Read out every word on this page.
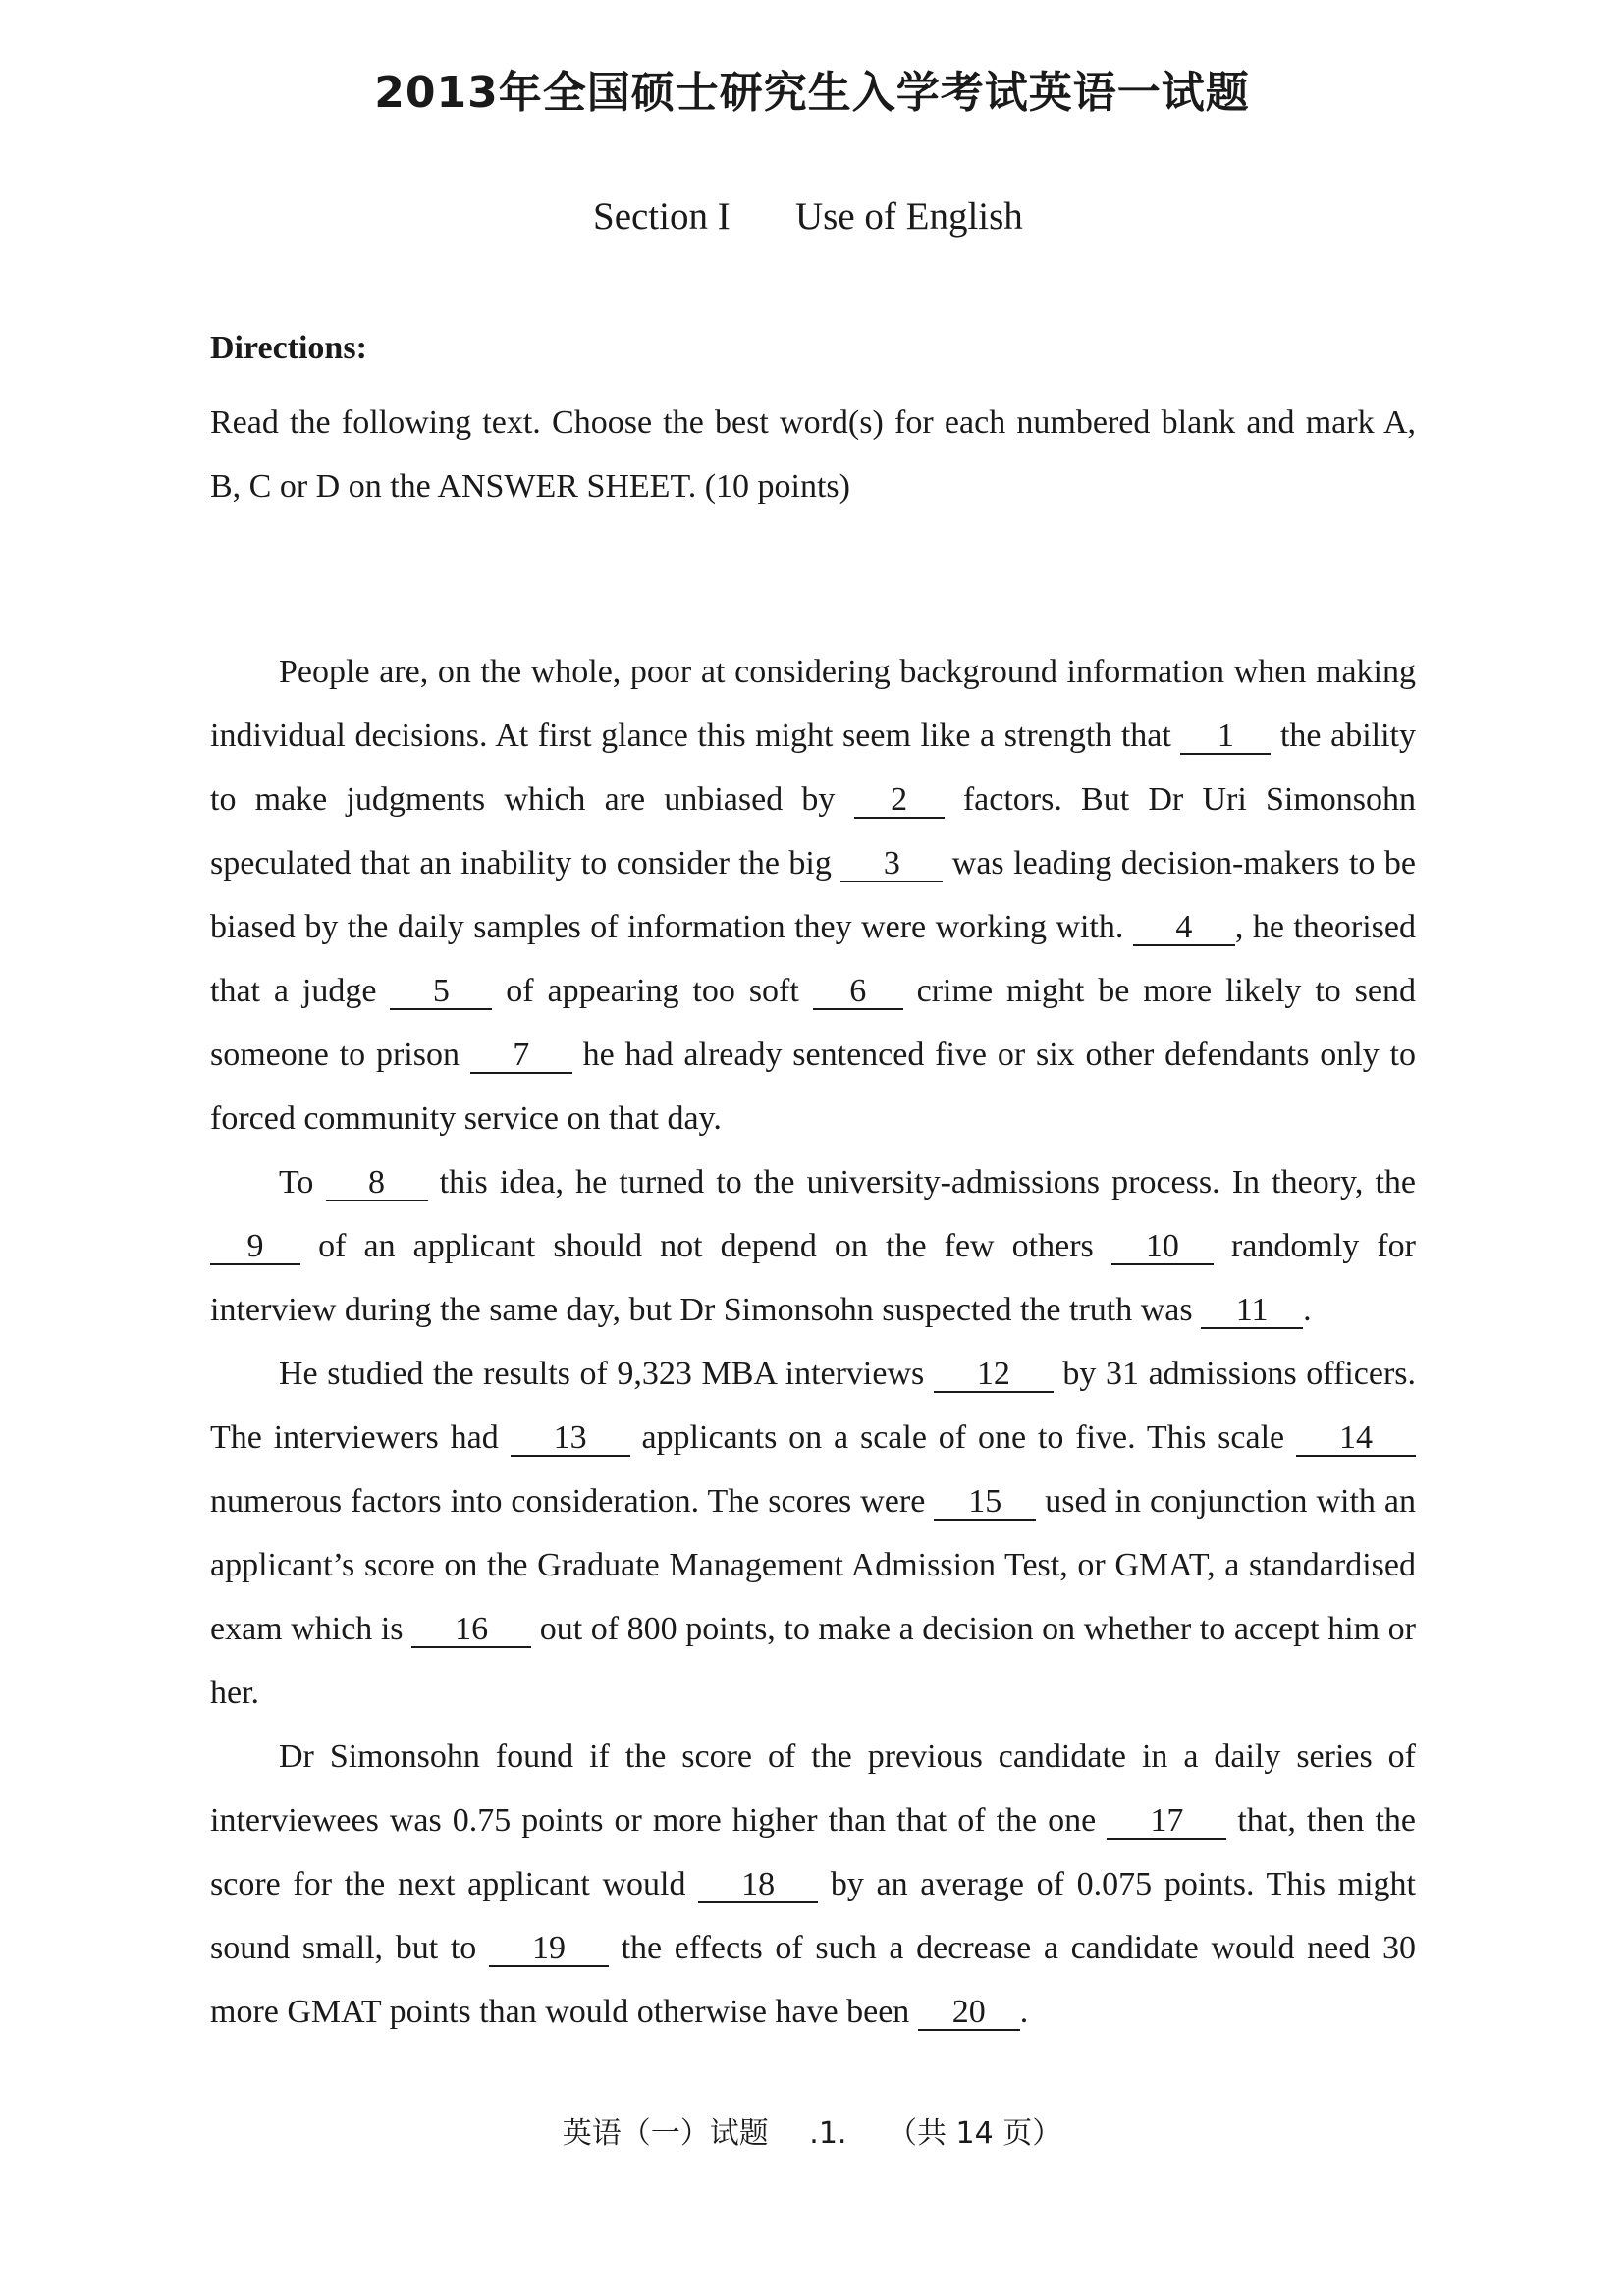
2013年全国硕士研究生入学考试英语一试题
Section I Use of English
Directions:
Read the following text. Choose the best word(s) for each numbered blank and mark A, B, C or D on the ANSWER SHEET. (10 points)

People are, on the whole, poor at considering background information when making individual decisions. At first glance this might seem like a strength that 1 the ability to make judgments which are unbiased by 2 factors. But Dr Uri Simonsohn speculated that an inability to consider the big 3 was leading decision-makers to be biased by the daily samples of information they were working with. 4 , he theorised that a judge 5 of appearing too soft 6 crime might be more likely to send someone to prison 7 he had already sentenced five or six other defendants only to forced community service on that day.

To 8 this idea, he turned to the university-admissions process. In theory, the 9 of an applicant should not depend on the few others 10 randomly for interview during the same day, but Dr Simonsohn suspected the truth was 11 .

He studied the results of 9,323 MBA interviews 12 by 31 admissions officers. The interviewers had 13 applicants on a scale of one to five. This scale 14 numerous factors into consideration. The scores were 15 used in conjunction with an applicant’s score on the Graduate Management Admission Test, or GMAT, a standardised exam which is 16 out of 800 points, to make a decision on whether to accept him or her.

Dr Simonsohn found if the score of the previous candidate in a daily series of interviewees was 0.75 points or more higher than that of the one 17 that, then the score for the next applicant would 18 by an average of 0.075 points. This might sound small, but to 19 the effects of such a decrease a candidate would need 30 more GMAT points than would otherwise have been 20 .

英语（一）试题 .1. （共 14 页）
